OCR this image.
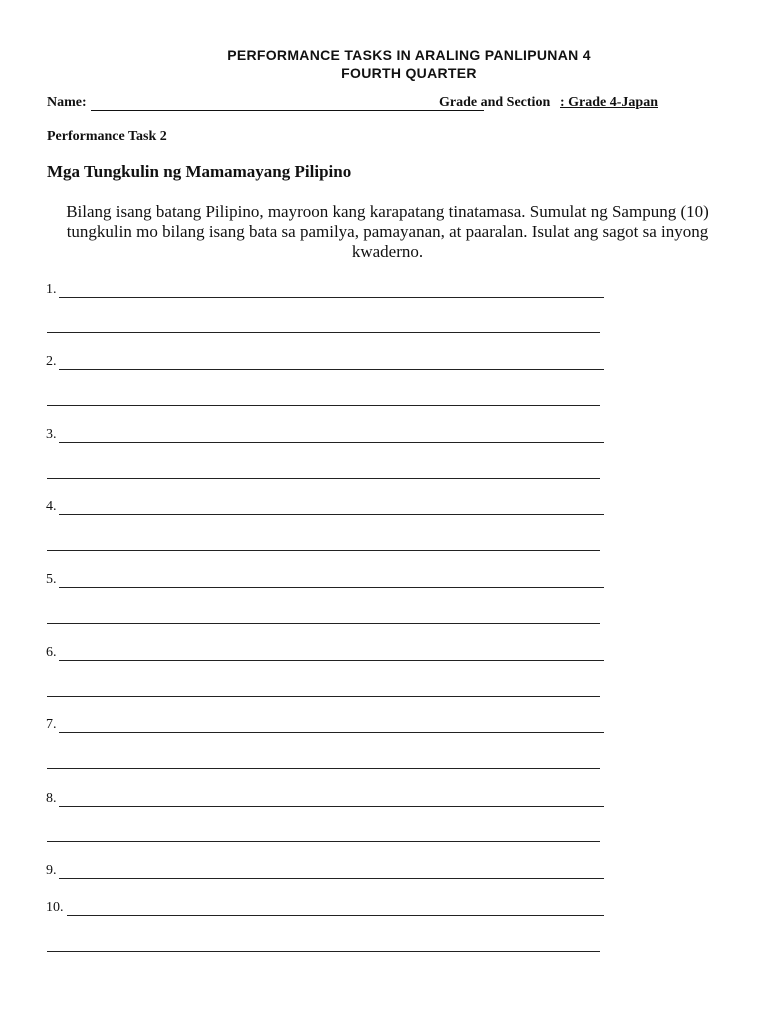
PERFORMANCE TASKS IN ARALING PANLIPUNAN 4
FOURTH QUARTER
Name:	Grade and Section : Grade 4-Japan
Performance Task 2
Mga Tungkulin ng Mamamayang Pilipino
Bilang isang batang Pilipino, mayroon kang karapatang tinatamasa. Sumulat ng Sampung (10) tungkulin mo bilang isang bata sa pamilya, pamayanan, at paaralan. Isulat ang sagot sa inyong kwaderno.
1.
2.
3.
4.
5.
6.
7.
8.
9.
10.
